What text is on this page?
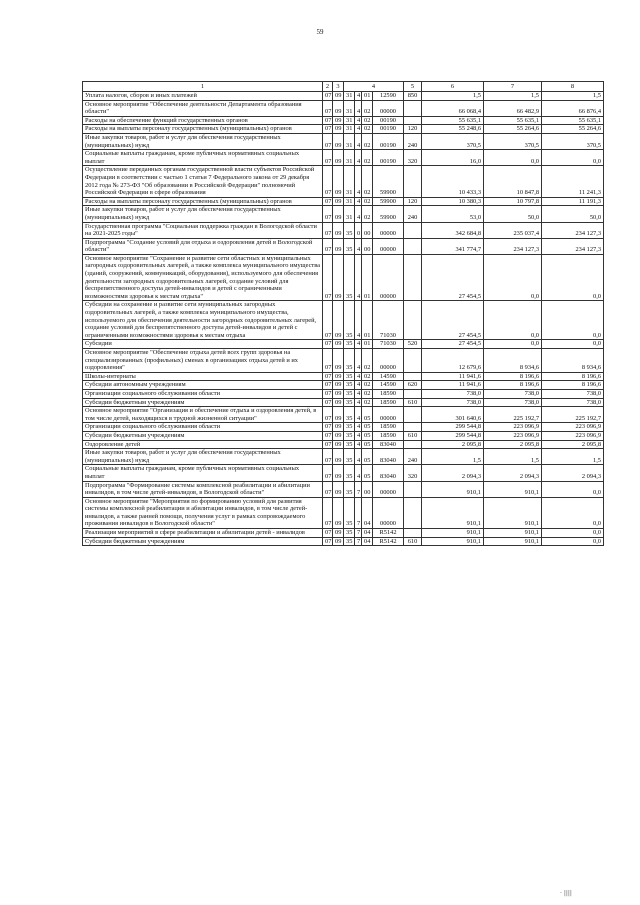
59
1	2	3	4				5	6	7	8
Уплата налогов, сборов и иных платежей	07	09	31	4	01	12590	850	1,5	1,5	1,5
Основное мероприятие "Обеспечение деятельности Департамента образования области"	07	09	31	4	02	00000		66 068,4	66 482,9	66 876,4
Расходы на обеспечение функций государственных органов	07	09	31	4	02	00190		55 635,1	55 635,1	55 635,1
Расходы на выплаты персоналу государственных (муниципальных) органов	07	09	31	4	02	00190	120	55 248,6	55 264,6	55 264,6
Иные закупки товаров, работ и услуг для обеспечения государственных (муниципальных) нужд	07	09	31	4	02	00190	240	370,5	370,5	370,5
Социальные выплаты гражданам, кроме публичных нормативных социальных выплат	07	09	31	4	02	00190	320	16,0	0,0	0,0
Осуществление переданных органам государственной власти субъектов Российской Федерации в соответствии с частью 1 статьи 7 Федерального закона от 29 декабря 2012 года № 273-ФЗ "Об образовании в Российской Федерации" полномочий Российской Федерации в сфере образования	07	09	31	4	02	59900		10 433,3	10 847,8	11 241,3
Расходы на выплаты персоналу государственных (муниципальных) органов	07	09	31	4	02	59900	120	10 380,3	10 797,8	11 191,3
Иные закупки товаров, работ и услуг для обеспечения государственных (муниципальных) нужд	07	09	31	4	02	59900	240	53,0	50,0	50,0
Государственная программа "Социальная поддержка граждан в Вологодской области на 2021-2025 годы"	07	09	35	0	00	00000		342 684,8	235 037,4	234 127,3
Подпрограмма "Создание условий для отдыха и оздоровления детей в Вологодской области"	07	09	35	4	00	00000		341 774,7	234 127,3	234 127,3
Основное мероприятие "Сохранение и развитие сети областных и муниципальных загородных оздоровительных лагерей, а также комплекса муниципального имущества (зданий, сооружений, коммуникаций, оборудования), используемого для обеспечения деятельности загородных оздоровительных лагерей, создание условий для беспрепятственного доступа детей-инвалидов и детей с ограниченными возможностями здоровья к местам отдыха"	07	09	35	4	01	00000		27 454,5	0,0	0,0
Субсидии на сохранение и развитие сети муниципальных загородных оздоровительных лагерей, а также комплекса муниципального имущества, используемого для обеспечения деятельности загородных оздоровительных лагерей, создание условий для беспрепятственного доступа детей-инвалидов и детей с ограниченными возможностями здоровья к местам отдыха	07	09	35	4	01	71030		27 454,5	0,0	0,0
Субсидии	07	09	35	4	01	71030	520	27 454,5	0,0	0,0
Основное мероприятие "Обеспечение отдыха детей всех групп здоровья на специализированных (профильных) сменах в организациях отдыха детей и их оздоровления"	07	09	35	4	02	00000		12 679,6	8 934,6	8 934,6
Школы-интернаты	07	09	35	4	02	14590		11 941,6	8 196,6	8 196,6
Субсидии автономным учреждениям	07	09	35	4	02	14590	620	11 941,6	8 196,6	8 196,6
Организации социального обслуживания области	07	09	35	4	02	18590		738,0	738,0	738,0
Субсидии бюджетным учреждениям	07	09	35	4	02	18590	610	738,0	738,0	738,0
Основное мероприятие "Организация и обеспечение отдыха и оздоровления детей, в том числе детей, находящихся в трудной жизненной ситуации"	07	09	35	4	05	00000		301 640,6	225 192,7	225 192,7
Организации социального обслуживания области	07	09	35	4	05	18590		299 544,8	223 096,9	223 096,9
Субсидии бюджетным учреждениям	07	09	35	4	05	18590	610	299 544,8	223 096,9	223 096,9
Оздоровление детей	07	09	35	4	05	83040		2 095,8	2 095,8	2 095,8
Иные закупки товаров, работ и услуг для обеспечения государственных (муниципальных) нужд	07	09	35	4	05	83040	240	1,5	1,5	1,5
Социальные выплаты гражданам, кроме публичных нормативных социальных выплат	07	09	35	4	05	83040	320	2 094,3	2 094,3	2 094,3
Подпрограмма "Формирование системы комплексной реабилитации и абилитации инвалидов, в том числе детей-инвалидов, в Вологодской области"	07	09	35	7	00	00000		910,1	910,1	0,0
Основное мероприятие "Мероприятия по формированию условий для развития системы комплексной реабилитации и абилитации инвалидов, в том числе детей-инвалидов, а также ранней помощи, получения услуг в рамках сопровождаемого проживания инвалидов в Вологодской области"	07	09	35	7	04	00000		910,1	910,1	0,0
Реализация мероприятий в сфере реабилитации и абилитации детей - инвалидов	07	09	35	7	04	R5142		910,1	910,1	0,0
Субсидии бюджетным учреждениям	07	09	35	7	04	R5142	610	910,1	910,1	0,0
· ||||
